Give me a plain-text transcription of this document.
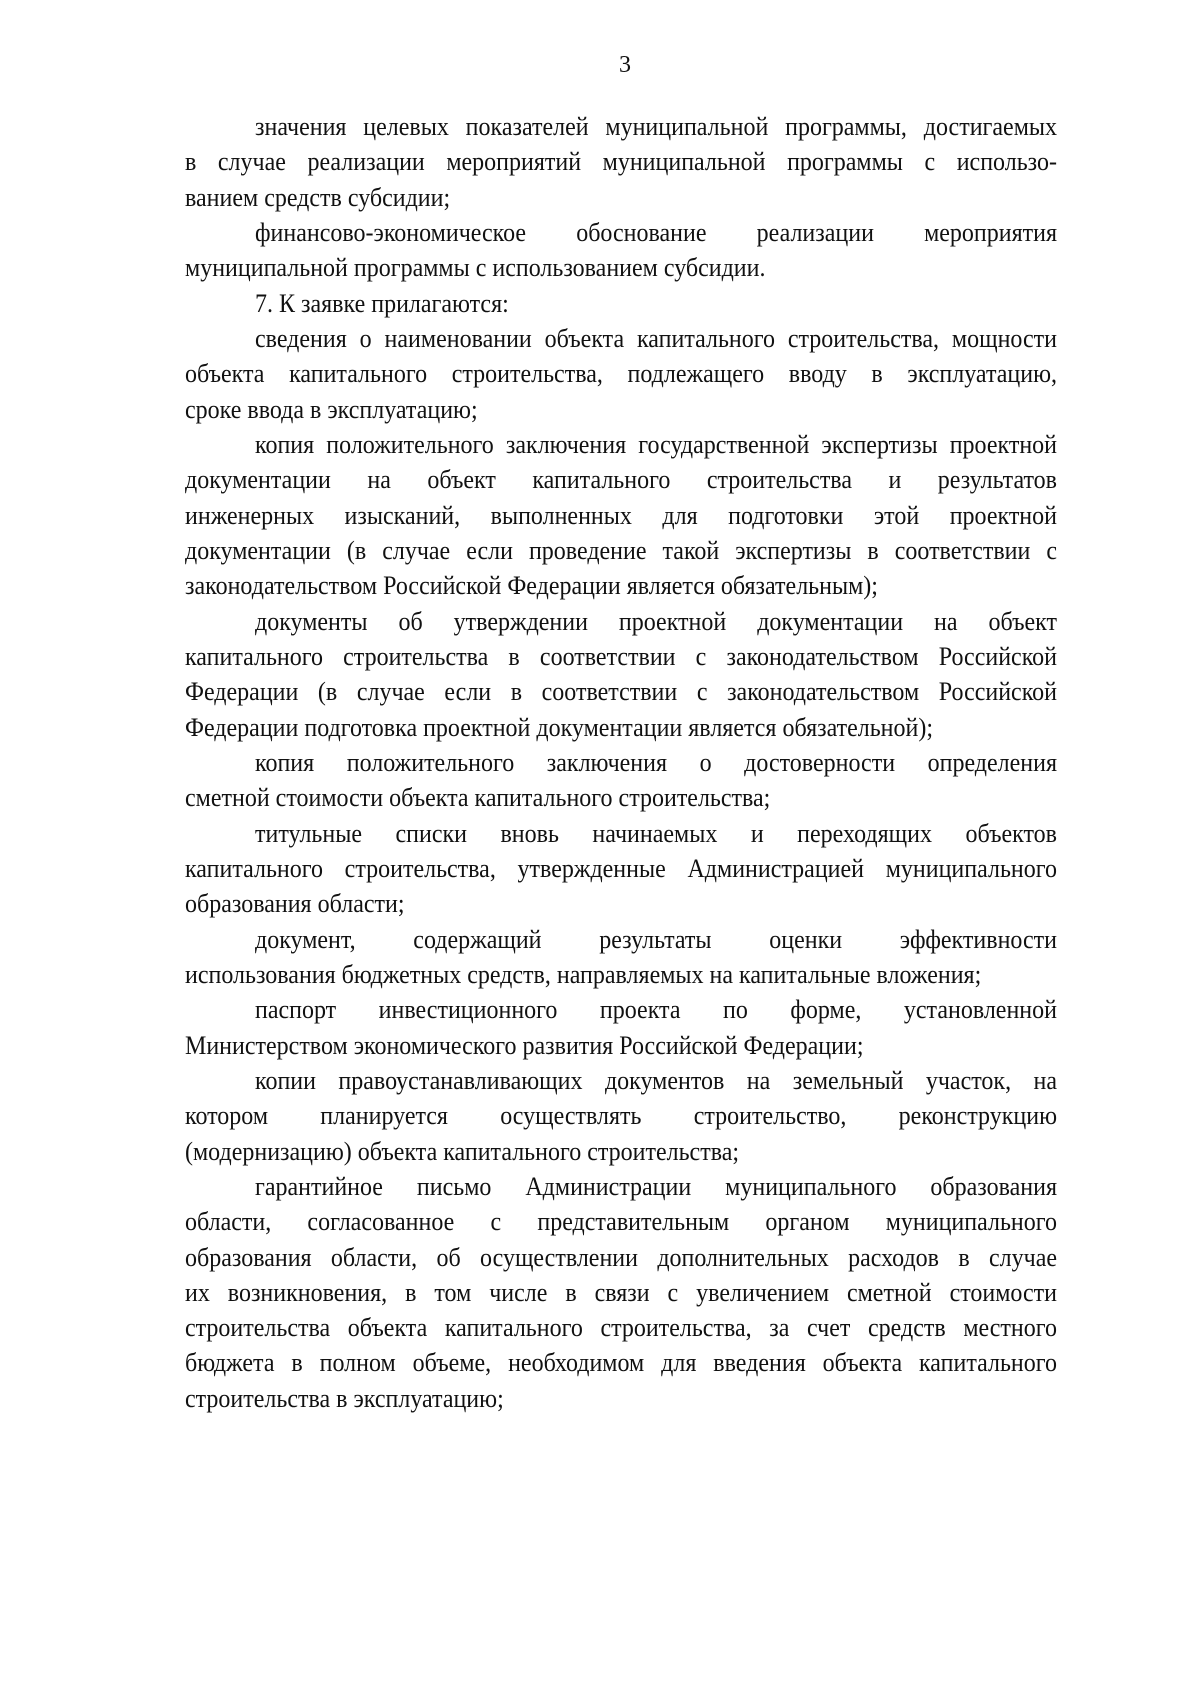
3
значения целевых показателей муниципальной программы, достигаемых
в случае реализации мероприятий муниципальной программы с использо-
ванием средств субсидии;
финансово-экономическое обоснование реализации мероприятия
муниципальной программы с использованием субсидии.
7. К заявке прилагаются:
сведения о наименовании объекта капитального строительства, мощности
объекта капитального строительства, подлежащего вводу в эксплуатацию,
сроке ввода в эксплуатацию;
копия положительного заключения государственной экспертизы проектной
документации на объект капитального строительства и результатов
инженерных изысканий, выполненных для подготовки этой проектной
документации (в случае если проведение такой экспертизы в соответствии с
законодательством Российской Федерации является обязательным);
документы об утверждении проектной документации на объект
капитального строительства в соответствии с законодательством Российской
Федерации (в случае если в соответствии с законодательством Российской
Федерации подготовка проектной документации является обязательной);
копия положительного заключения о достоверности определения
сметной стоимости объекта капитального строительства;
титульные списки вновь начинаемых и переходящих объектов
капитального строительства, утвержденные Администрацией муниципального
образования области;
документ, содержащий результаты оценки эффективности
использования бюджетных средств, направляемых на капитальные вложения;
паспорт инвестиционного проекта по форме, установленной
Министерством экономического развития Российской Федерации;
копии правоустанавливающих документов на земельный участок, на
котором планируется осуществлять строительство, реконструкцию
(модернизацию) объекта капитального строительства;
гарантийное письмо Администрации муниципального образования
области, согласованное с представительным органом муниципального
образования области, об осуществлении дополнительных расходов в случае
их возникновения, в том числе в связи с увеличением сметной стоимости
строительства объекта капитального строительства, за счет средств местного
бюджета в полном объеме, необходимом для введения объекта капитального
строительства в эксплуатацию;
